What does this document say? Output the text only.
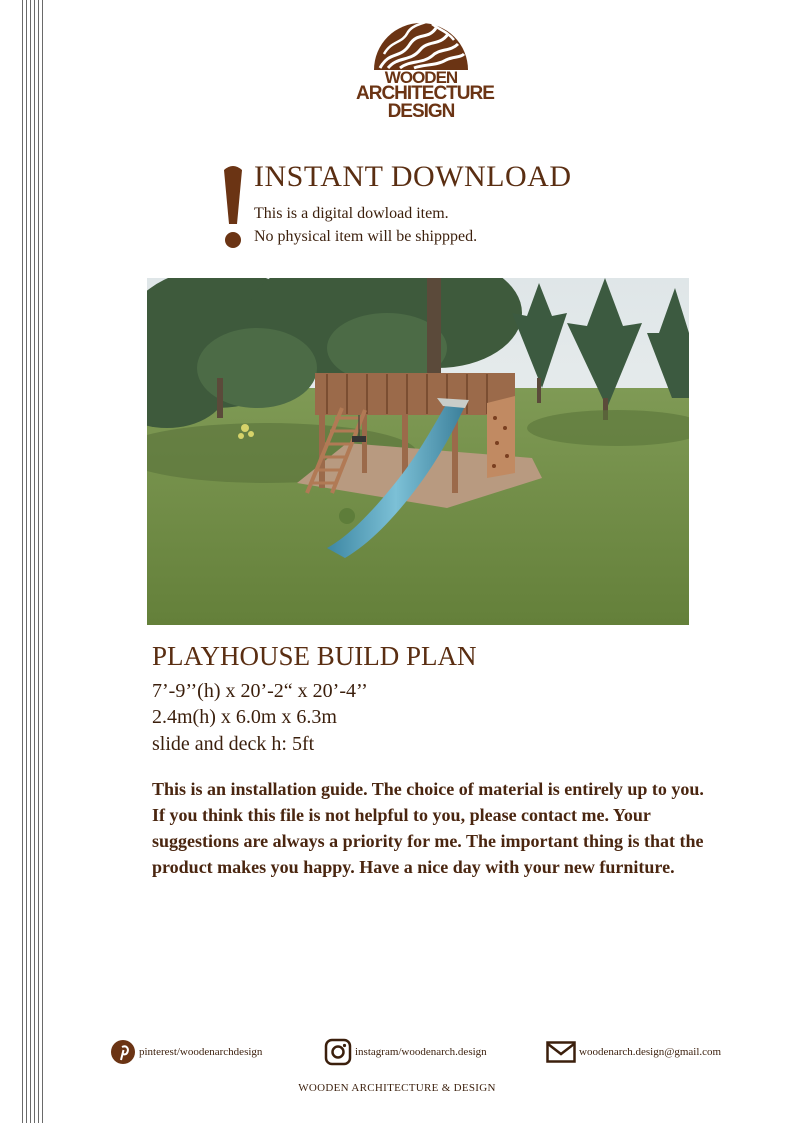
WOODEN
ARCHITECTURE
DESIGN
INSTANT DOWNLOAD
This is a digital dowload item.
No physical item will be shippped.
PLAYHOUSE BUILD PLAN
7’-9’’(h) x 20’-2“ x 20’-4’’
2.4m(h) x 6.0m x 6.3m
slide and deck h: 5ft
This is an installation guide. The choice of material is entirely up to you. If you think this file is not helpful to you, please contact me. Your suggestions are always a priority for me. The important thing is that the product makes you happy. Have a nice day with your new furniture.
pinterest/woodenarchdesign	instagram/woodenarch.design	woodenarch.design@gmail.com
WOODEN ARCHITECTURE & DESIGN
